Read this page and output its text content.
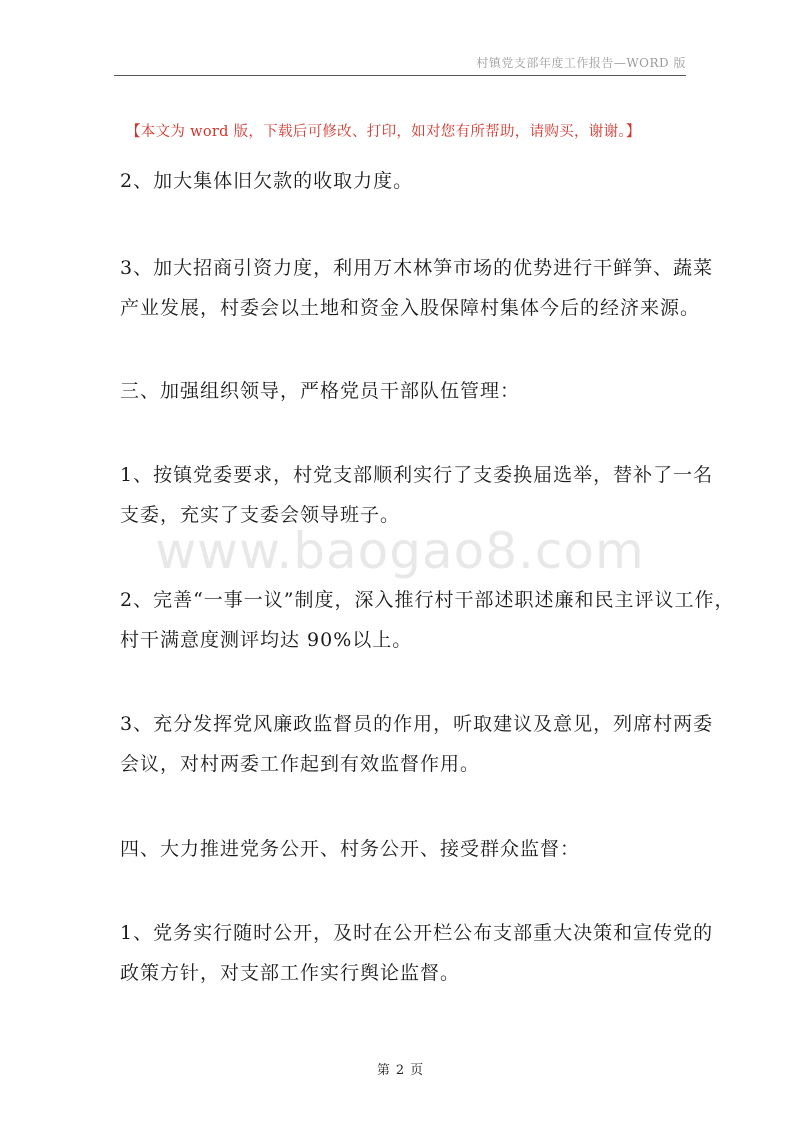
村镇党支部年度工作报告—WORD 版
【本文为 word 版，下载后可修改、打印，如对您有所帮助，请购买，谢谢。】
www.baogao8.com
2、加大集体旧欠款的收取力度。
3、加大招商引资力度，利用万木林笋市场的优势进行干鲜笋、蔬菜
产业发展，村委会以土地和资金入股保障村集体今后的经济来源。
三、加强组织领导，严格党员干部队伍管理：
1、按镇党委要求，村党支部顺利实行了支委换届选举，替补了一名
支委，充实了支委会领导班子。
2、完善“一事一议”制度，深入推行村干部述职述廉和民主评议工作，
村干满意度测评均达 90%以上。
3、充分发挥党风廉政监督员的作用，听取建议及意见，列席村两委
会议，对村两委工作起到有效监督作用。
四、大力推进党务公开、村务公开、接受群众监督：
1、党务实行随时公开，及时在公开栏公布支部重大决策和宣传党的
政策方针，对支部工作实行舆论监督。
第 2 页
